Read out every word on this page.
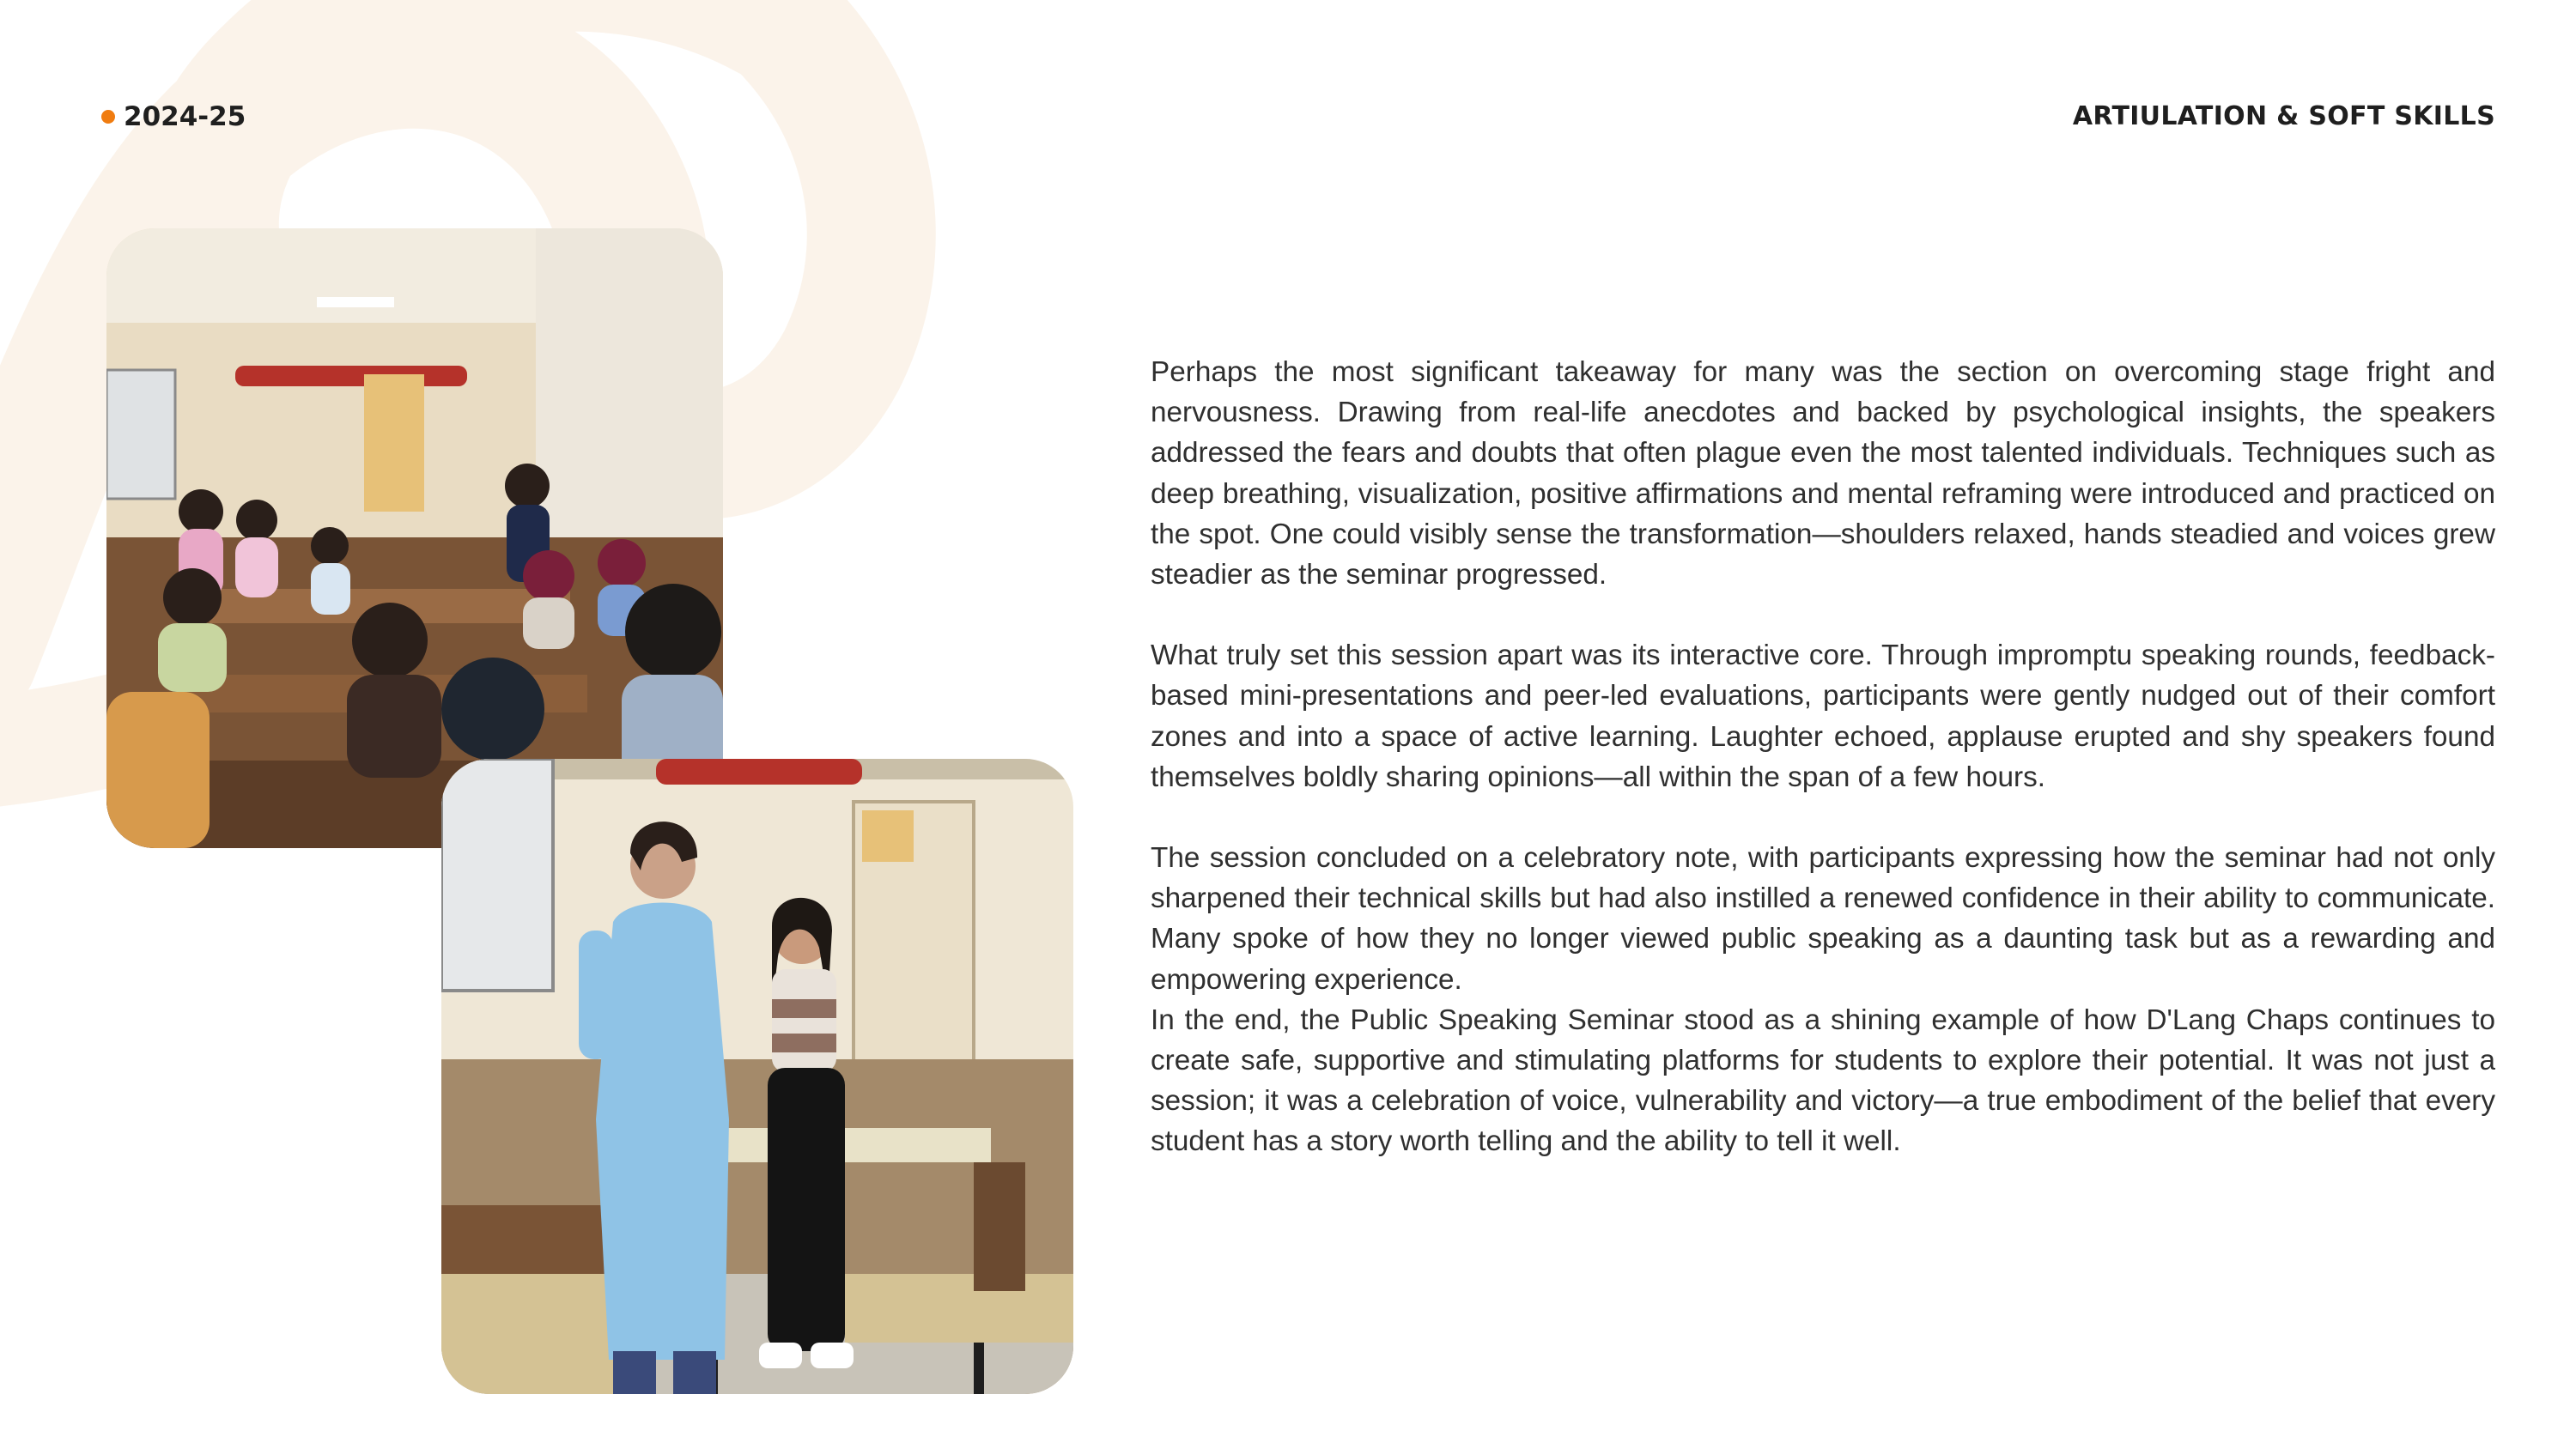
2024-25	ARTIULATION & SOFT SKILLS

Perhaps the most significant takeaway for many was the section on overcoming stage fright and nervousness. Drawing from real-life anecdotes and backed by psychological insights, the speakers addressed the fears and doubts that often plague even the most talented individuals. Techniques such as deep breathing, visualization, positive affirmations and mental reframing were introduced and practiced on the spot. One could visibly sense the transformation—shoulders relaxed, hands steadied and voices grew steadier as the seminar progressed.

What truly set this session apart was its interactive core. Through impromptu speaking rounds, feedback-based mini-presentations and peer-led evaluations, participants were gently nudged out of their comfort zones and into a space of active learning. Laughter echoed, applause erupted and shy speakers found themselves boldly sharing opinions—all within the span of a few hours.

The session concluded on a celebratory note, with participants expressing how the seminar had not only sharpened their technical skills but had also instilled a renewed confidence in their ability to communicate. Many spoke of how they no longer viewed public speaking as a daunting task but as a rewarding and empowering experience.

In the end, the Public Speaking Seminar stood as a shining example of how D'Lang Chaps continues to create safe, supportive and stimulating platforms for students to explore their potential. It was not just a session; it was a celebration of voice, vulnerability and victory—a true embodiment of the belief that every student has a story worth telling and the ability to tell it well.
